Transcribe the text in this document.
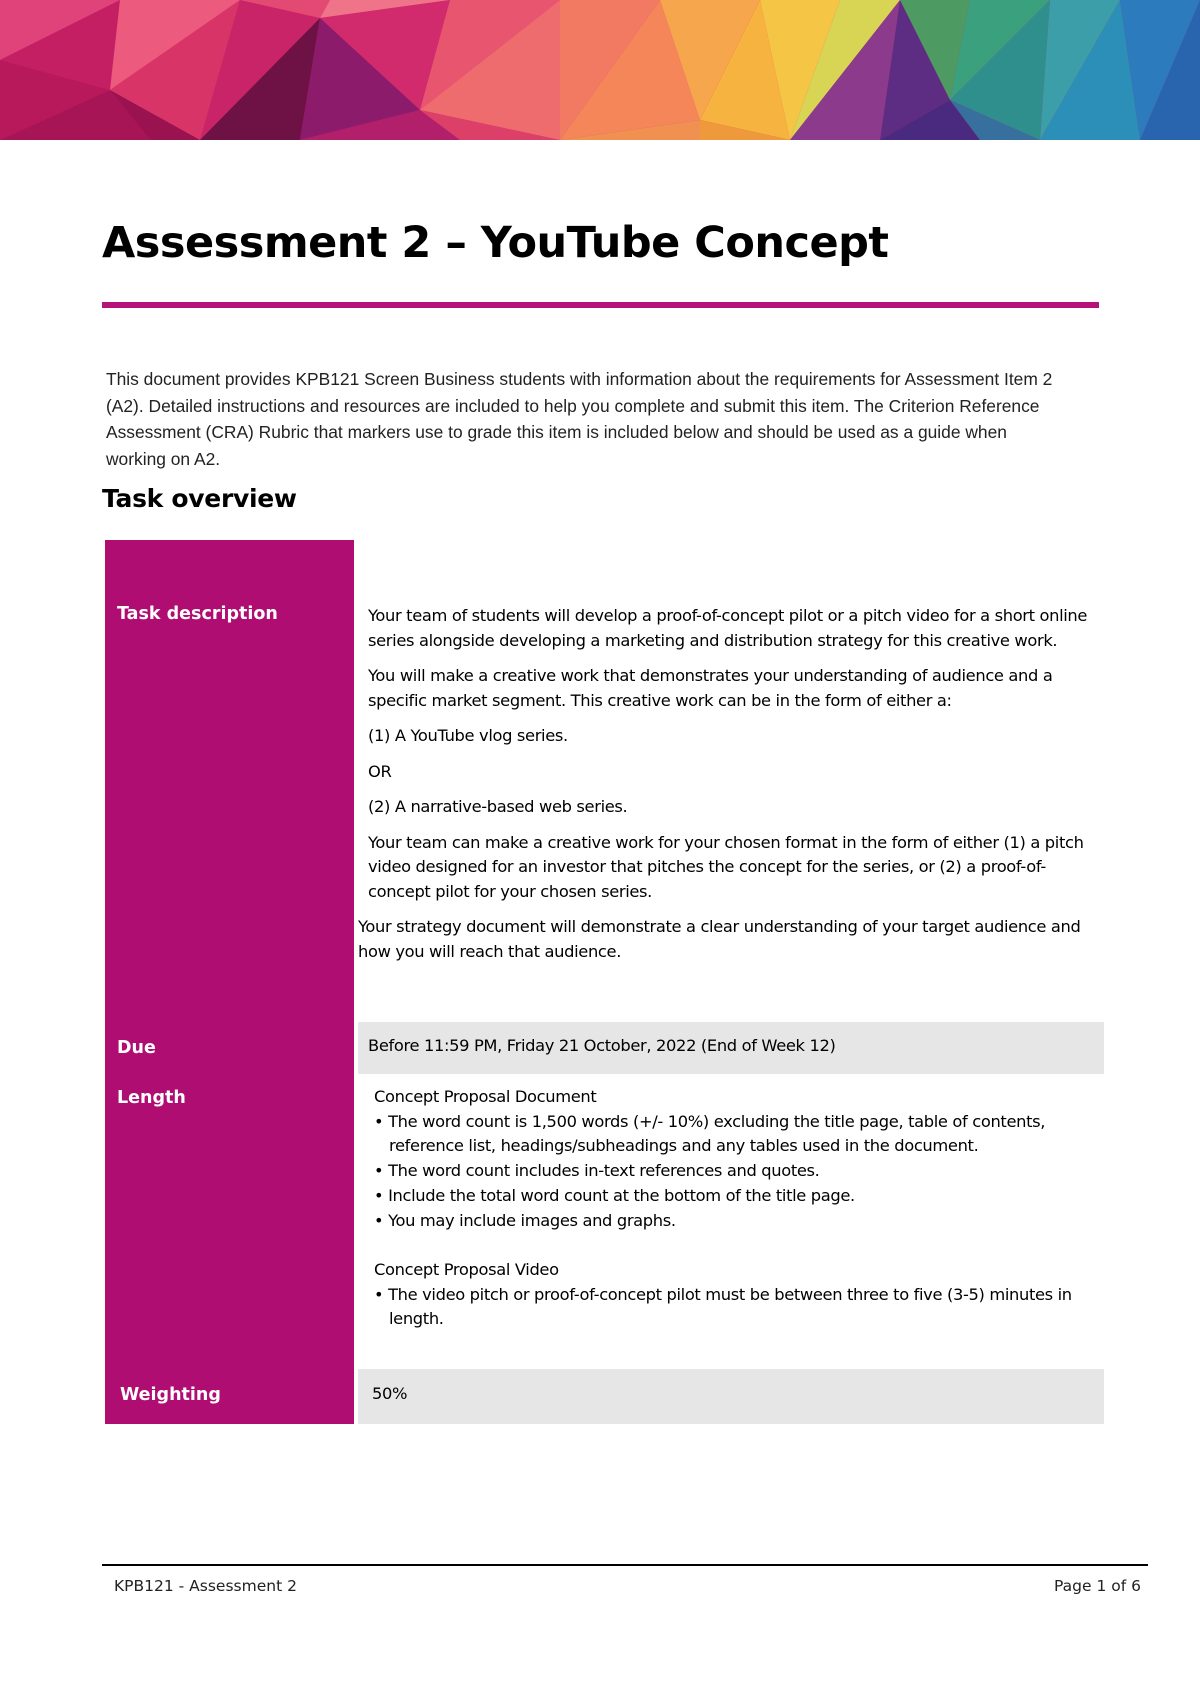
Assessment 2 – YouTube Concept

This document provides KPB121 Screen Business students with information about the requirements for Assessment Item 2 (A2). Detailed instructions and resources are included to help you complete and submit this item. The Criterion Reference Assessment (CRA) Rubric that markers use to grade this item is included below and should be used as a guide when working on A2.

Task overview
Task description	Your team of students will develop a proof-of-concept pilot or a pitch video for a short online series alongside developing a marketing and distribution strategy for this creative work.

You will make a creative work that demonstrates your understanding of audience and a specific market segment. This creative work can be in the form of either a:

(1) A YouTube vlog series.

OR

(2) A narrative-based web series.

Your team can make a creative work for your chosen format in the form of either (1) a pitch video designed for an investor that pitches the concept for the series, or (2) a proof-of-concept pilot for your chosen series.

Your strategy document will demonstrate a clear understanding of your target audience and how you will reach that audience.

Due	Before 11:59 PM, Friday 21 October, 2022 (End of Week 12)
Length	Concept Proposal Document
• The word count is 1,500 words (+/- 10%) excluding the title page, table of contents, reference list, headings/subheadings and any tables used in the document.
• The word count includes in-text references and quotes.
• Include the total word count at the bottom of the title page.
• You may include images and graphs.
Concept Proposal Video
• The video pitch or proof-of-concept pilot must be between three to five (3-5) minutes in length.
Weighting	50%
KPB121 - Assessment 2	Page 1 of 6
